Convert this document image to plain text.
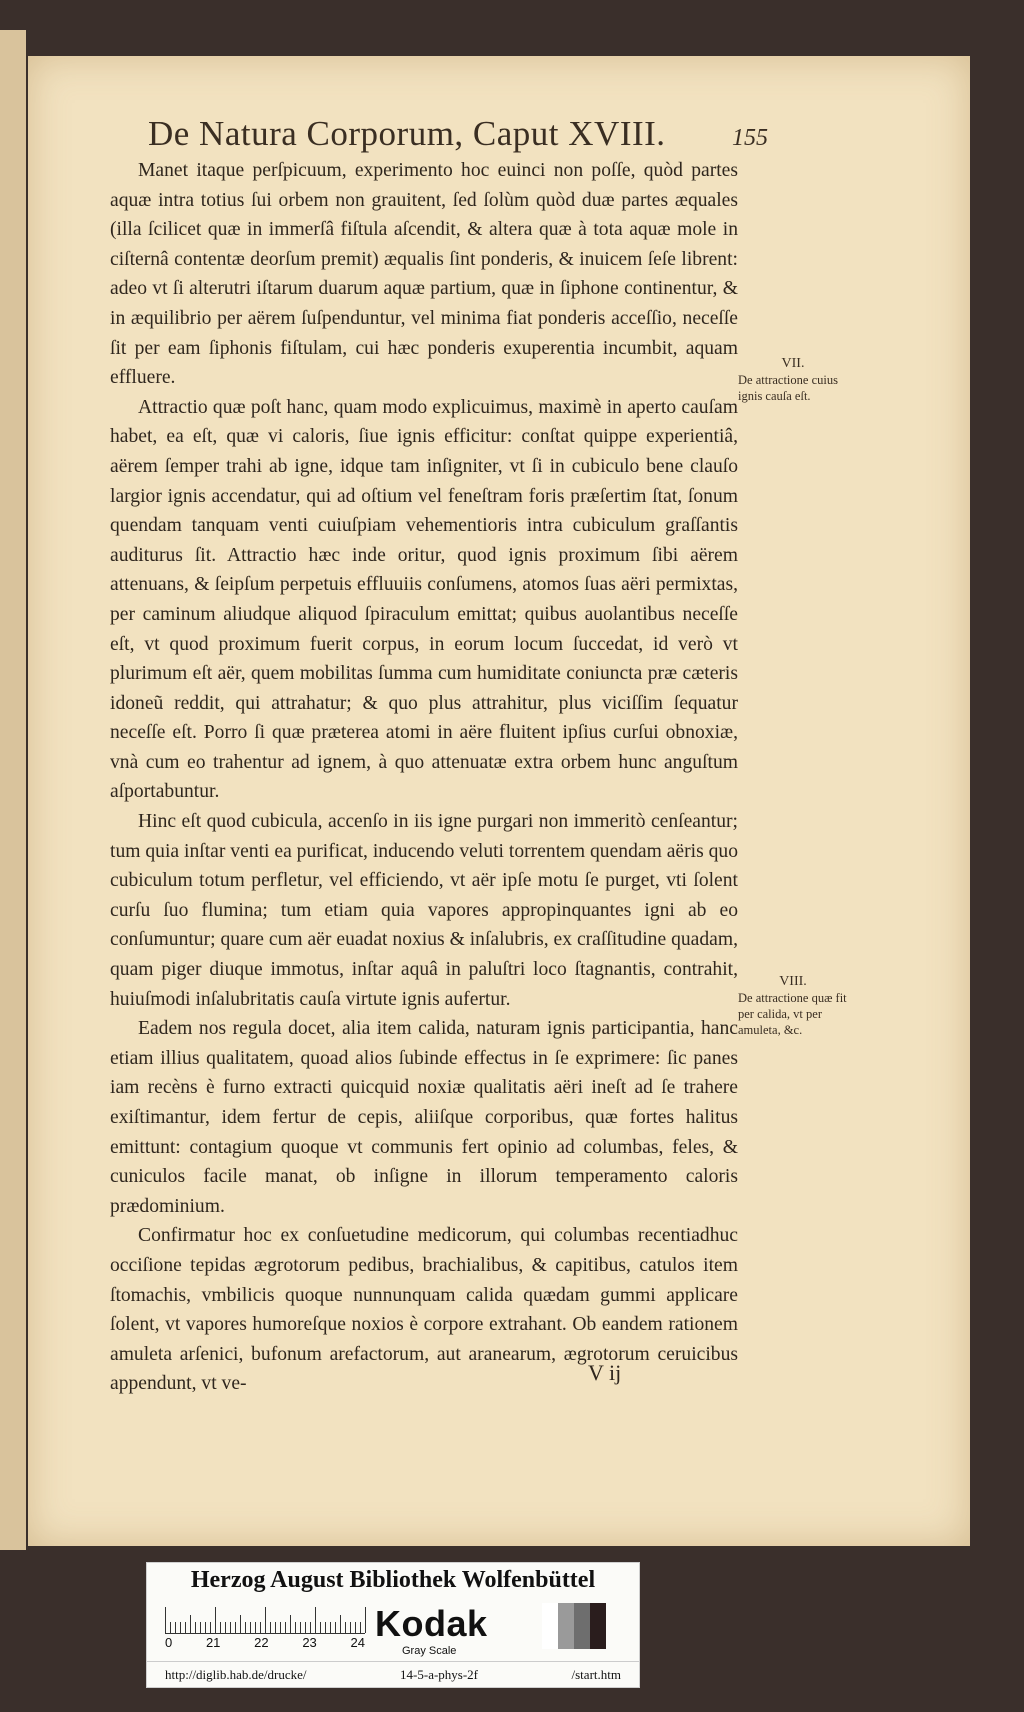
De Natura Corporum, Caput XVIII.	155

Manet itaque perſpicuum, experimento hoc euinci non poſſe, quòd partes aquæ intra totius ſui orbem non grauitent, ſed ſolùm quòd duæ partes æquales (illa ſcilicet quæ in immerſâ fiſtula aſcendit, & altera quæ à tota aquæ mole in ciſternâ contentæ deorſum premit) æqualis ſint ponderis, & inuicem ſeſe librent: adeo vt ſi alterutri iſtarum duarum aquæ partium, quæ in ſiphone continentur, & in æquilibrio per aërem ſuſpenduntur, vel minima fiat ponderis acceſſio, neceſſe ſit per eam ſiphonis fiſtulam, cui hæc ponderis exuperentia incumbit, aquam effluere.

Attractio quæ poſt hanc, quam modo explicuimus, maximè in aperto cauſam habet, ea eſt, quæ vi caloris, ſiue ignis efficitur: conſtat quippe experientiâ, aërem ſemper trahi ab igne, idque tam inſigniter, vt ſi in cubiculo bene clauſo largior ignis accendatur, qui ad oſtium vel feneſtram foris præſertim ſtat, ſonum quendam tanquam venti cuiuſpiam vehementioris intra cubiculum graſſantis auditurus ſit. Attractio hæc inde oritur, quod ignis proximum ſibi aërem attenuans, & ſeipſum perpetuis effluuiis conſumens, atomos ſuas aëri permixtas, per caminum aliudque aliquod ſpiraculum emittat; quibus auolantibus neceſſe eſt, vt quod proximum fuerit corpus, in eorum locum ſuccedat, id verò vt plurimum eſt aër, quem mobilitas ſumma cum humiditate coniuncta præ cæteris idoneũ reddit, qui attrahatur; & quo plus attrahitur, plus viciſſim ſequatur neceſſe eſt. Porro ſi quæ præterea atomi in aëre fluitent ipſius curſui obnoxiæ, vnà cum eo trahentur ad ignem, à quo attenuatæ extra orbem hunc anguſtum aſportabuntur.

Hinc eſt quod cubicula, accenſo in iis igne purgari non immeritò cenſeantur; tum quia inſtar venti ea purificat, inducendo veluti torrentem quendam aëris quo cubiculum totum perfletur, vel efficiendo, vt aër ipſe motu ſe purget, vti ſolent curſu ſuo flumina; tum etiam quia vapores appropinquantes igni ab eo conſumuntur; quare cum aër euadat noxius & inſalubris, ex craſſitudine quadam, quam piger diuque immotus, inſtar aquâ in paluſtri loco ſtagnantis, contrahit, huiuſmodi inſalubritatis cauſa virtute ignis aufertur.

Eadem nos regula docet, alia item calida, naturam ignis participantia, hanc etiam illius qualitatem, quoad alios ſubinde effectus in ſe exprimere: ſic panes iam recèns è furno extracti quicquid noxiæ qualitatis aëri ineſt ad ſe trahere exiſtimantur, idem fertur de cepis, aliiſque corporibus, quæ fortes halitus emittunt: contagium quoque vt communis fert opinio ad columbas, feles, & cuniculos facile manat, ob inſigne in illorum temperamento caloris prædominium.

Confirmatur hoc ex conſuetudine medicorum, qui columbas recentiadhuc occiſione tepidas ægrotorum pedibus, brachialibus, & capitibus, catulos item ſtomachis, vmbilicis quoque nunnunquam calida quædam gummi applicare ſolent, vt vapores humoreſque noxios è corpore extrahant. Ob eandem rationem amuleta arſenici, bufonum arefactorum, aut aranearum, ægrotorum ceruicibus appendunt, vt ve-

VII.
De attractione cuius ignis cauſa eſt.
VIII.
De attractione quæ fit per calida, vt per amuleta, &c.
V ij
Herzog August Bibliothek Wolfenbüttel
0	21	22	23	24 Kodak
Gray Scale
http://diglib.hab.de/drucke/	14-5-a-phys-2f	/start.htm
